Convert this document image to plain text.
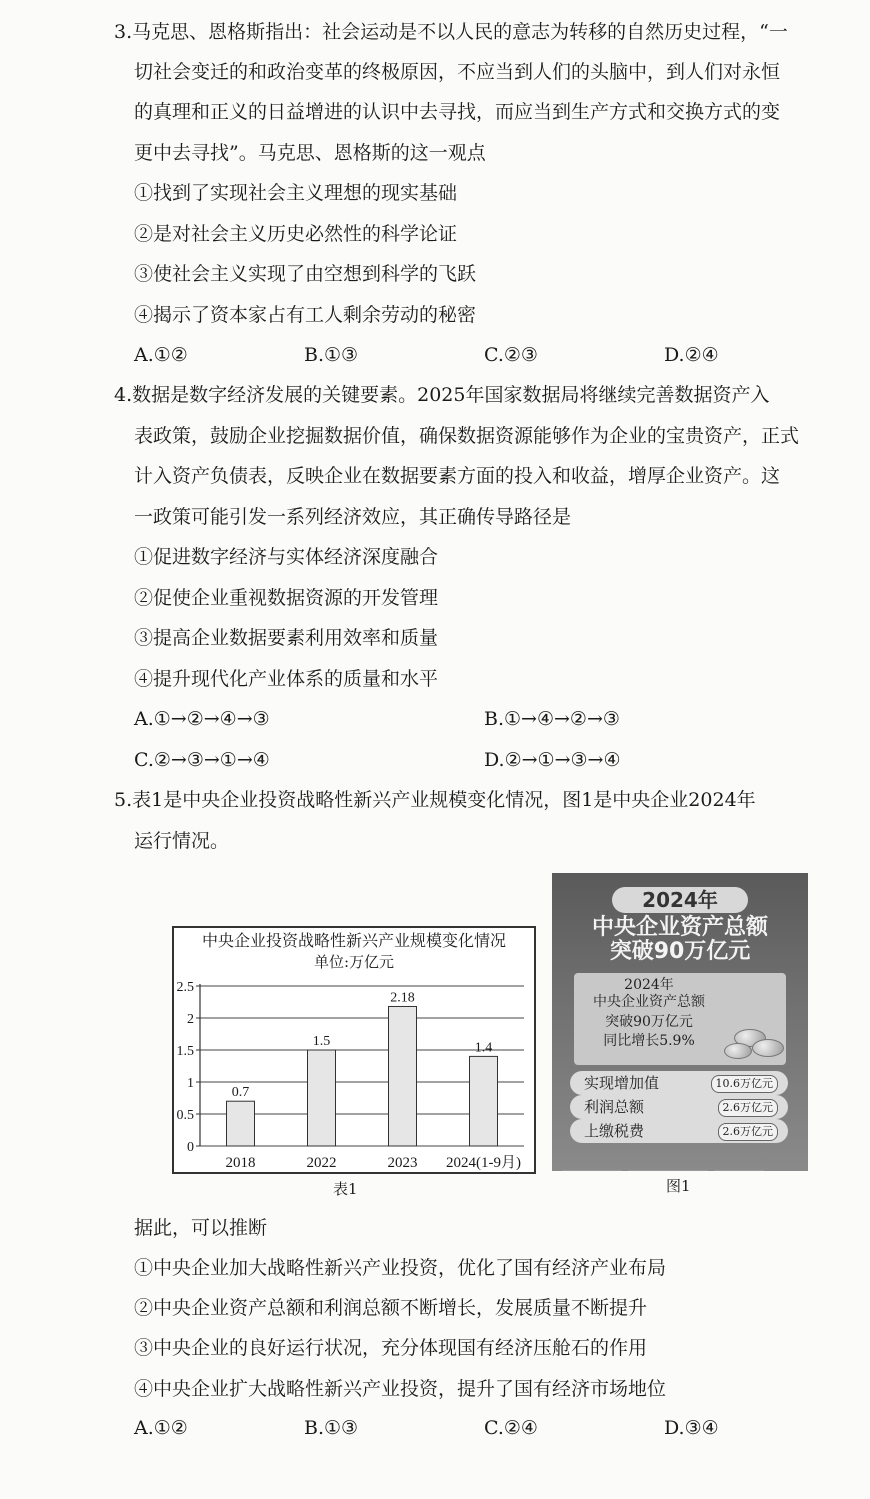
3.马克思、恩格斯指出：社会运动是不以人民的意志为转移的自然历史过程，“一
切社会变迁的和政治变革的终极原因，不应当到人们的头脑中，到人们对永恒
的真理和正义的日益增进的认识中去寻找，而应当到生产方式和交换方式的变
更中去寻找”。马克思、恩格斯的这一观点
①找到了实现社会主义理想的现实基础
②是对社会主义历史必然性的科学论证
③使社会主义实现了由空想到科学的飞跃
④揭示了资本家占有工人剩余劳动的秘密
A.①②	B.①③	C.②③	D.②④
4.数据是数字经济发展的关键要素。2025年国家数据局将继续完善数据资产入
表政策，鼓励企业挖掘数据价值，确保数据资源能够作为企业的宝贵资产，正式
计入资产负债表，反映企业在数据要素方面的投入和收益，增厚企业资产。这
一政策可能引发一系列经济效应，其正确传导路径是
①促进数字经济与实体经济深度融合
②促使企业重视数据资源的开发管理
③提高企业数据要素利用效率和质量
④提升现代化产业体系的质量和水平
A.①→②→④→③	B.①→④→②→③
C.②→③→①→④	D.②→①→③→④
5.表1是中央企业投资战略性新兴产业规模变化情况，图1是中央企业2024年
运行情况。
中央企业投资战略性新兴产业规模变化情况
单位:万亿元
0
0.5
1
1.5
2
2.5
0.7
2018
1.5
2022
2.18
2023
1.4
2024(1-9月)
表1
2024年
中央企业资产总额
突破90万亿元
2024年
中央企业资产总额
突破90万亿元
同比增长5.9%
实现增加值	10.6万亿元
利润总额	2.6万亿元
上缴税费	2.6万亿元
图1
据此，可以推断
①中央企业加大战略性新兴产业投资，优化了国有经济产业布局
②中央企业资产总额和利润总额不断增长，发展质量不断提升
③中央企业的良好运行状况，充分体现国有经济压舱石的作用
④中央企业扩大战略性新兴产业投资，提升了国有经济市场地位
A.①②	B.①③	C.②④	D.③④
